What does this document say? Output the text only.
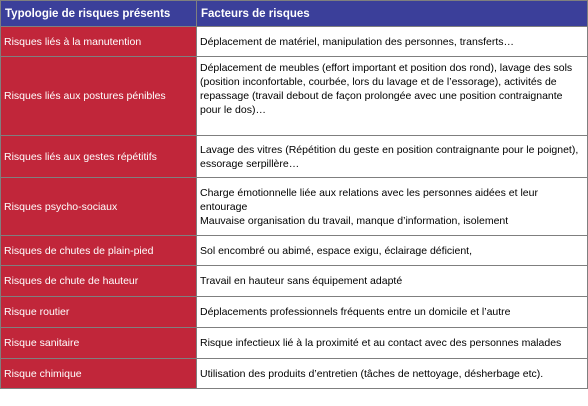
Typologie de risques présents	Facteurs de risques
Risques liés à la manutention	Déplacement de matériel, manipulation des personnes, transferts…

Risques liés aux postures pénibles	Déplacement de meubles (effort important et position dos rond), lavage des sols (position inconfortable, courbée, lors du lavage et de l’essorage), activités de repassage (travail debout de façon prolongée avec une position contraignante pour le dos)…

Risques liés aux gestes répétitifs	Lavage des vitres (Répétition du geste en position contraignante pour le poignet), essorage serpillère…

Risques psycho-sociaux	Charge émotionnelle liée aux relations avec les personnes aidées et leur entourage
Mauvaise organisation du travail, manque d’information, isolement

Risques de chutes de plain-pied	Sol encombré ou abimé, espace exigu, éclairage déficient,

Risques de chute de hauteur	Travail en hauteur sans équipement adapté

Risque routier	Déplacements professionnels fréquents entre un domicile et l’autre

Risque sanitaire	Risque infectieux lié à la proximité et au contact avec des personnes malades

Risque chimique	Utilisation des produits d’entretien (tâches de nettoyage, désherbage etc).
